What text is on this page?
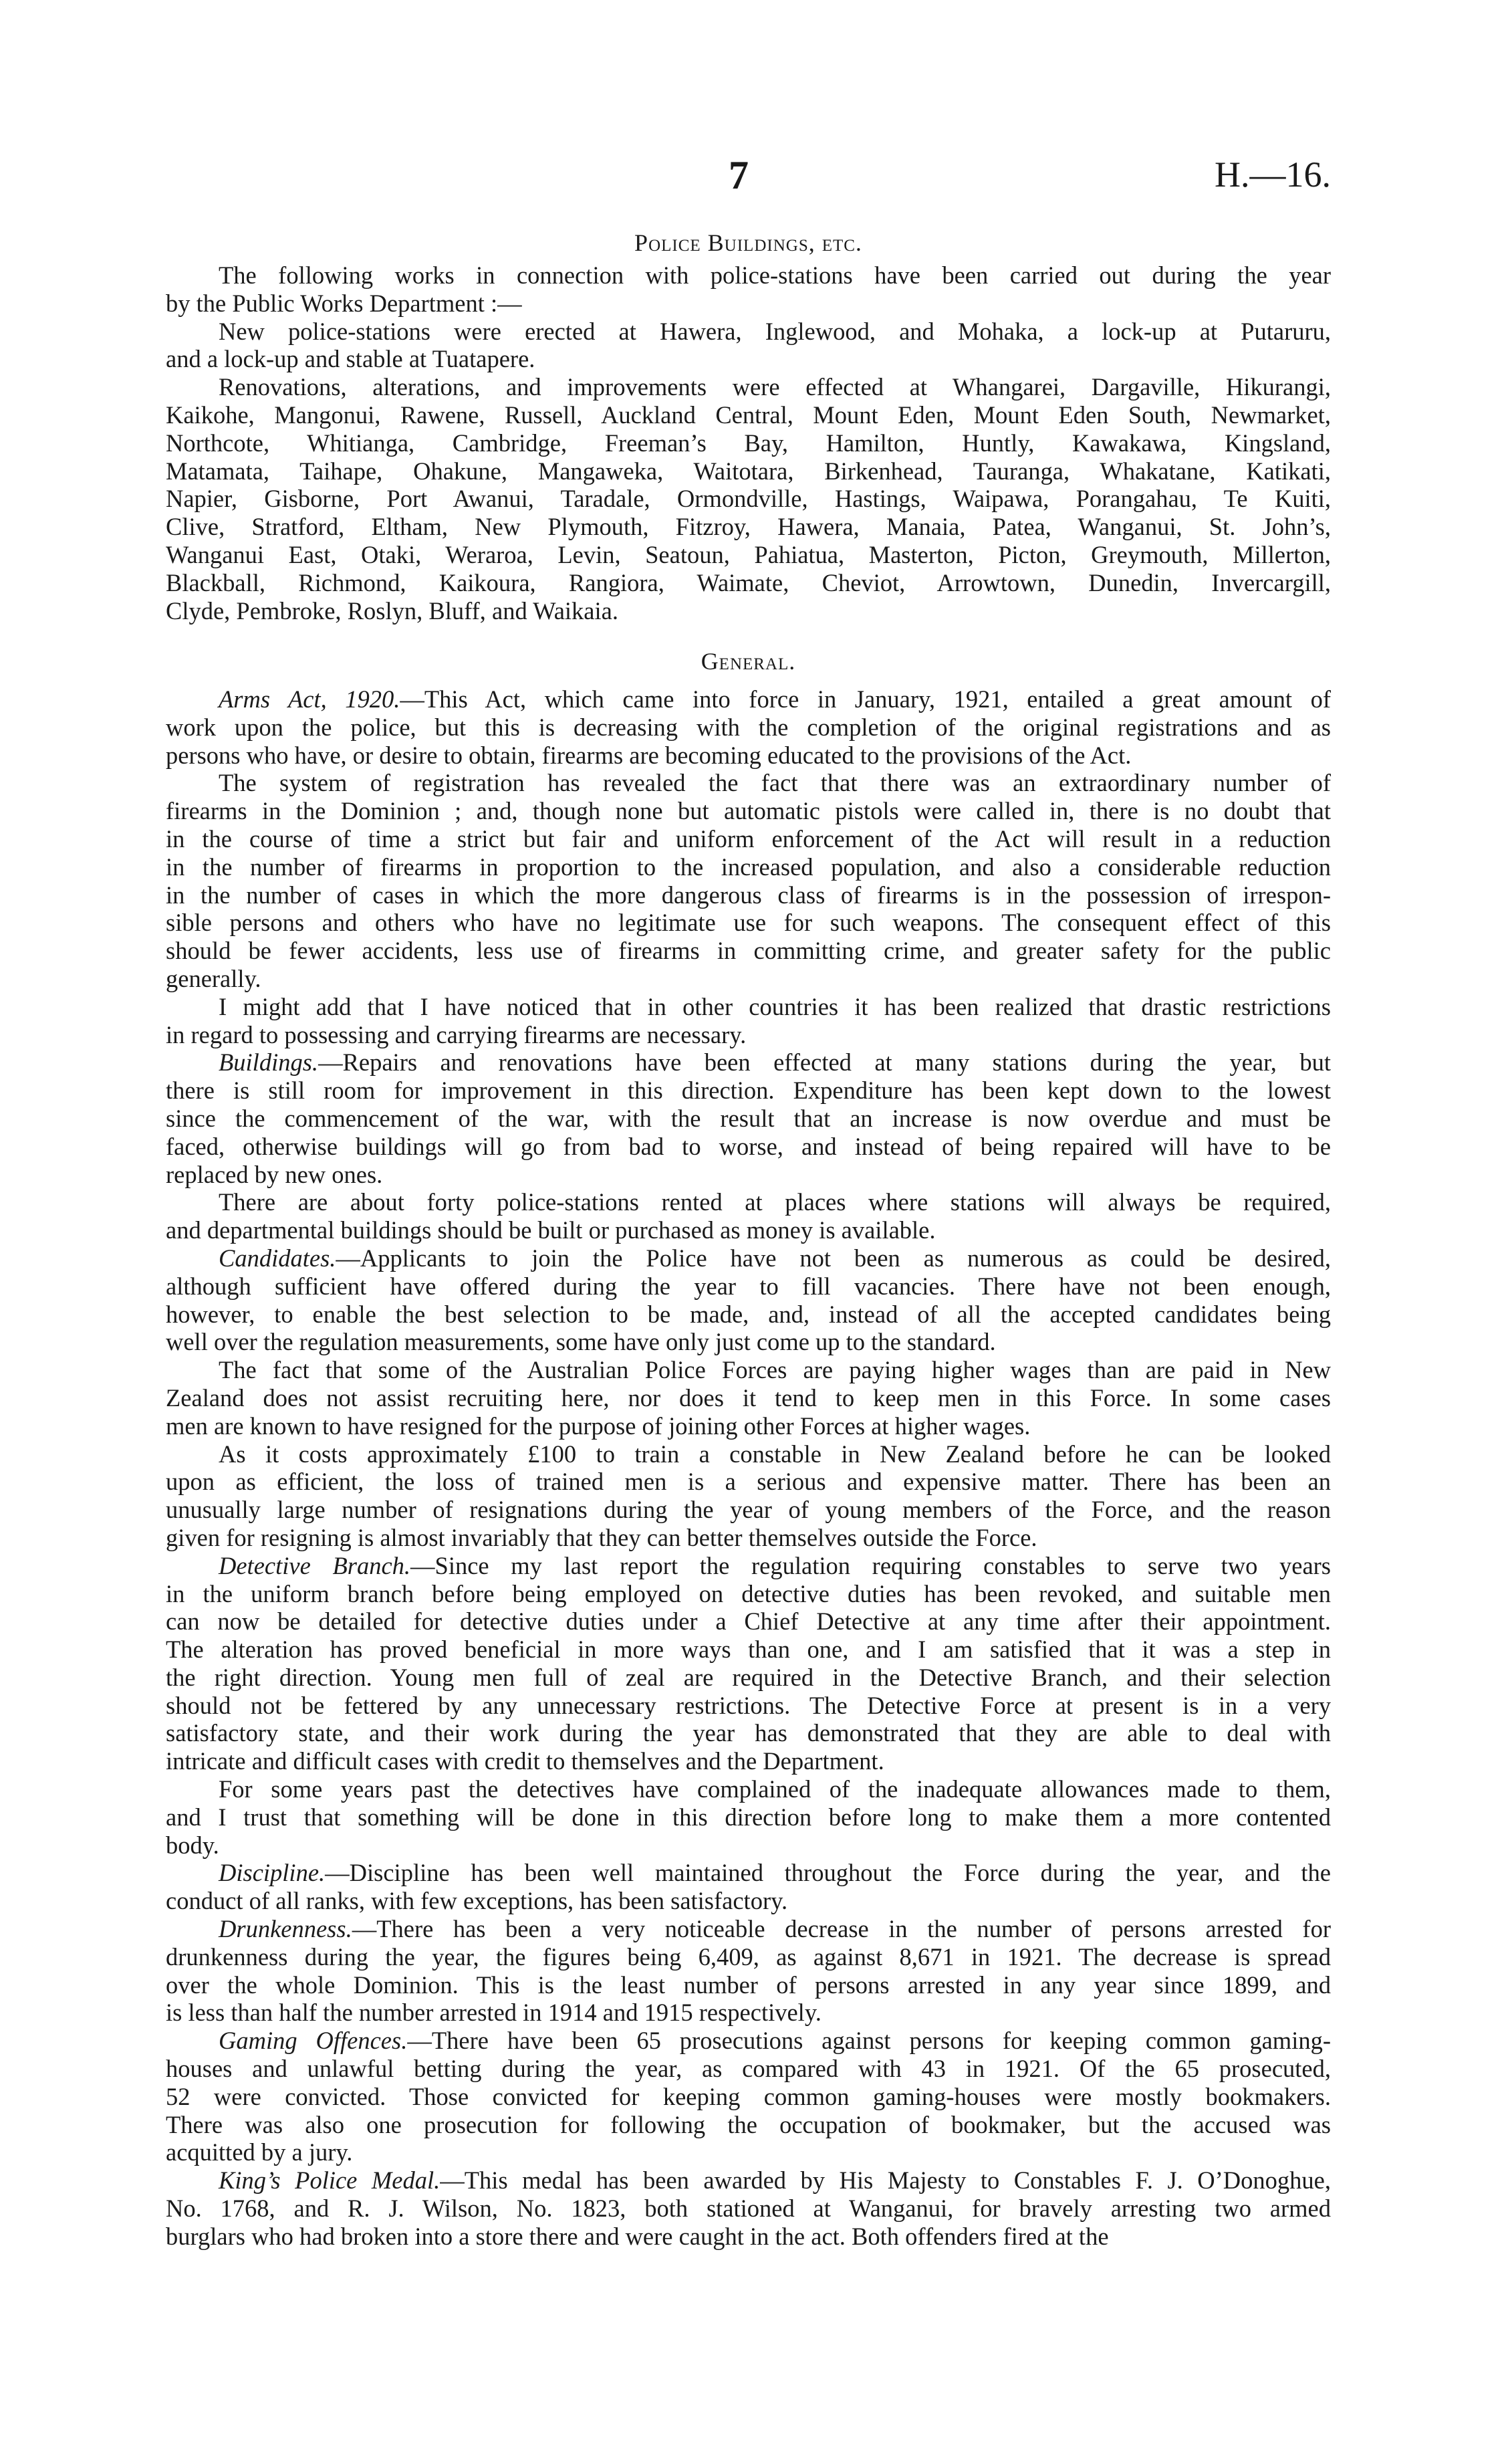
7	H.—16.
Police Buildings, etc.
The following works in connection with police-stations have been carried out during the year
by the Public Works Department :—
New police-stations were erected at Hawera, Inglewood, and Mohaka, a lock-up at Putaruru,
and a lock-up and stable at Tuatapere.
Renovations, alterations, and improvements were effected at Whangarei, Dargaville, Hikurangi,
Kaikohe, Mangonui, Rawene, Russell, Auckland Central, Mount Eden, Mount Eden South, Newmarket,
Northcote, Whitianga, Cambridge, Freeman’s Bay, Hamilton, Huntly, Kawakawa, Kingsland,
Matamata, Taihape, Ohakune, Mangaweka, Waitotara, Birkenhead, Tauranga, Whakatane, Katikati,
Napier, Gisborne, Port Awanui, Taradale, Ormondville, Hastings, Waipawa, Porangahau, Te Kuiti,
Clive, Stratford, Eltham, New Plymouth, Fitzroy, Hawera, Manaia, Patea, Wanganui, St. John’s,
Wanganui East, Otaki, Weraroa, Levin, Seatoun, Pahiatua, Masterton, Picton, Greymouth, Millerton,
Blackball, Richmond, Kaikoura, Rangiora, Waimate, Cheviot, Arrowtown, Dunedin, Invercargill,
Clyde, Pembroke, Roslyn, Bluff, and Waikaia.
General.
Arms Act, 1920.—This Act, which came into force in January, 1921, entailed a great amount of
work upon the police, but this is decreasing with the completion of the original registrations and as
persons who have, or desire to obtain, firearms are becoming educated to the provisions of the Act.
The system of registration has revealed the fact that there was an extraordinary number of
firearms in the Dominion ; and, though none but automatic pistols were called in, there is no doubt that
in the course of time a strict but fair and uniform enforcement of the Act will result in a reduction
in the number of firearms in proportion to the increased population, and also a considerable reduction
in the number of cases in which the more dangerous class of firearms is in the possession of irrespon-
sible persons and others who have no legitimate use for such weapons. The consequent effect of this
should be fewer accidents, less use of firearms in committing crime, and greater safety for the public
generally.
I might add that I have noticed that in other countries it has been realized that drastic restrictions
in regard to possessing and carrying firearms are necessary.
Buildings.—Repairs and renovations have been effected at many stations during the year, but
there is still room for improvement in this direction. Expenditure has been kept down to the lowest
since the commencement of the war, with the result that an increase is now overdue and must be
faced, otherwise buildings will go from bad to worse, and instead of being repaired will have to be
replaced by new ones.
There are about forty police-stations rented at places where stations will always be required,
and departmental buildings should be built or purchased as money is available.
Candidates.—Applicants to join the Police have not been as numerous as could be desired,
although sufficient have offered during the year to fill vacancies. There have not been enough,
however, to enable the best selection to be made, and, instead of all the accepted candidates being
well over the regulation measurements, some have only just come up to the standard.
The fact that some of the Australian Police Forces are paying higher wages than are paid in New
Zealand does not assist recruiting here, nor does it tend to keep men in this Force. In some cases
men are known to have resigned for the purpose of joining other Forces at higher wages.
As it costs approximately £100 to train a constable in New Zealand before he can be looked
upon as efficient, the loss of trained men is a serious and expensive matter. There has been an
unusually large number of resignations during the year of young members of the Force, and the reason
given for resigning is almost invariably that they can better themselves outside the Force.
Detective Branch.—Since my last report the regulation requiring constables to serve two years
in the uniform branch before being employed on detective duties has been revoked, and suitable men
can now be detailed for detective duties under a Chief Detective at any time after their appointment.
The alteration has proved beneficial in more ways than one, and I am satisfied that it was a step in
the right direction. Young men full of zeal are required in the Detective Branch, and their selection
should not be fettered by any unnecessary restrictions. The Detective Force at present is in a very
satisfactory state, and their work during the year has demonstrated that they are able to deal with
intricate and difficult cases with credit to themselves and the Department.
For some years past the detectives have complained of the inadequate allowances made to them,
and I trust that something will be done in this direction before long to make them a more contented
body.
Discipline.—Discipline has been well maintained throughout the Force during the year, and the
conduct of all ranks, with few exceptions, has been satisfactory.
Drunkenness.—There has been a very noticeable decrease in the number of persons arrested for
drunkenness during the year, the figures being 6,409, as against 8,671 in 1921. The decrease is spread
over the whole Dominion. This is the least number of persons arrested in any year since 1899, and
is less than half the number arrested in 1914 and 1915 respectively.
Gaming Offences.—There have been 65 prosecutions against persons for keeping common gaming-
houses and unlawful betting during the year, as compared with 43 in 1921. Of the 65 prosecuted,
52 were convicted. Those convicted for keeping common gaming-houses were mostly bookmakers.
There was also one prosecution for following the occupation of bookmaker, but the accused was
acquitted by a jury.
King’s Police Medal.—This medal has been awarded by His Majesty to Constables F. J. O’Donoghue,
No. 1768, and R. J. Wilson, No. 1823, both stationed at Wanganui, for bravely arresting two armed
burglars who had broken into a store there and were caught in the act. Both offenders fired at the
